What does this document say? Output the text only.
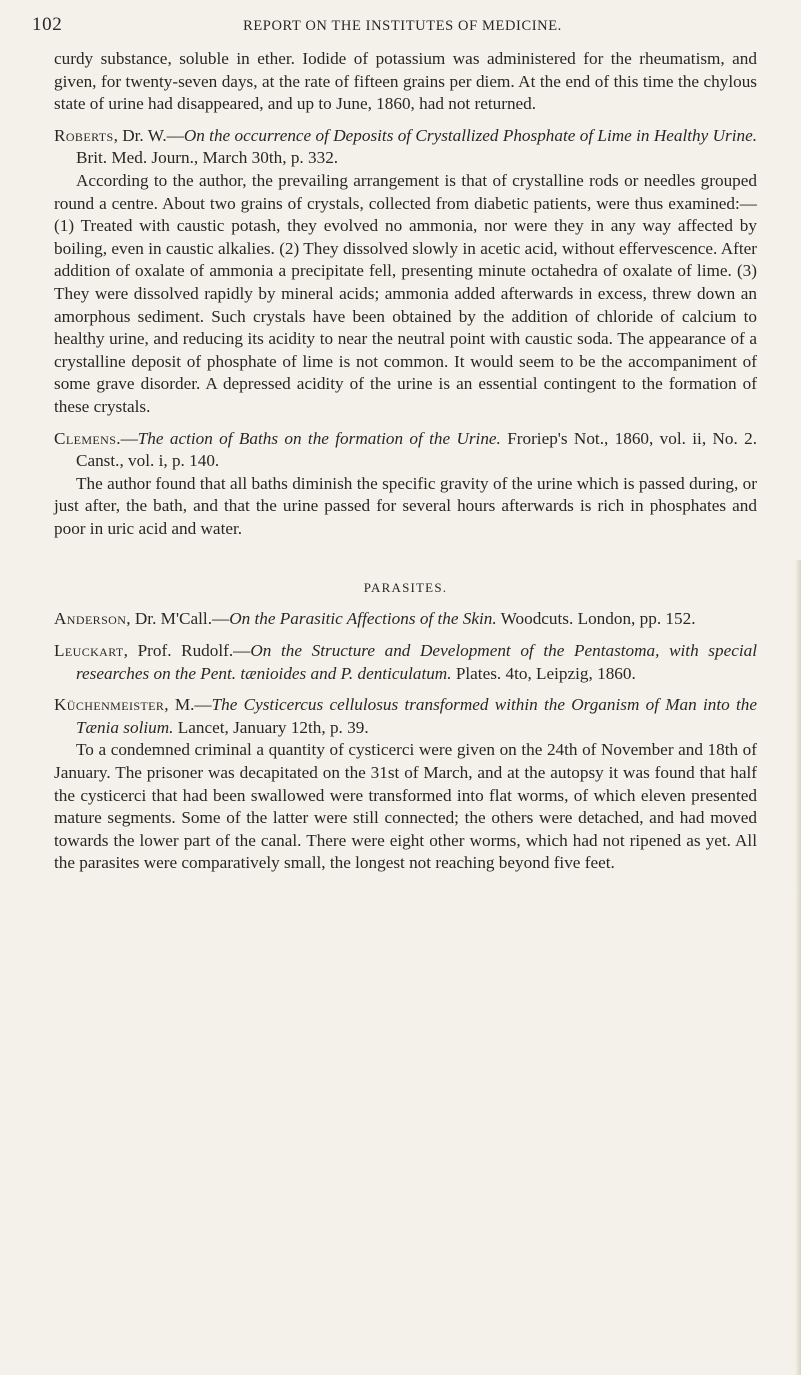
102	REPORT ON THE INSTITUTES OF MEDICINE.

curdy substance, soluble in ether. Iodide of potassium was administered for the rheumatism, and given, for twenty-seven days, at the rate of fifteen grains per diem. At the end of this time the chylous state of urine had disappeared, and up to June, 1860, had not returned.

Roberts, Dr. W.—On the occurrence of Deposits of Crystallized Phosphate of Lime in Healthy Urine. Brit. Med. Journ., March 30th, p. 332.

According to the author, the prevailing arrangement is that of crystalline rods or needles grouped round a centre. About two grains of crystals, collected from diabetic patients, were thus examined:—(1) Treated with caustic potash, they evolved no ammonia, nor were they in any way affected by boiling, even in caustic alkalies. (2) They dissolved slowly in acetic acid, without effervescence. After addition of oxalate of ammonia a precipitate fell, presenting minute octahedra of oxalate of lime. (3) They were dissolved rapidly by mineral acids; ammonia added afterwards in excess, threw down an amorphous sediment. Such crystals have been obtained by the addition of chloride of calcium to healthy urine, and reducing its acidity to near the neutral point with caustic soda. The appearance of a crystalline deposit of phosphate of lime is not common. It would seem to be the accompaniment of some grave disorder. A depressed acidity of the urine is an essential contingent to the formation of these crystals.

Clemens.—The action of Baths on the formation of the Urine. Froriep's Not., 1860, vol. ii, No. 2. Canst., vol. i, p. 140.

The author found that all baths diminish the specific gravity of the urine which is passed during, or just after, the bath, and that the urine passed for several hours afterwards is rich in phosphates and poor in uric acid and water.

PARASITES.

Anderson, Dr. M'Call.—On the Parasitic Affections of the Skin. Woodcuts. London, pp. 152.

Leuckart, Prof. Rudolf.—On the Structure and Development of the Pentastoma, with special researches on the Pent. tænioides and P. denticulatum. Plates. 4to, Leipzig, 1860.

Küchenmeister, M.—The Cysticercus cellulosus transformed within the Organism of Man into the Tænia solium. Lancet, January 12th, p. 39.

To a condemned criminal a quantity of cysticerci were given on the 24th of November and 18th of January. The prisoner was decapitated on the 31st of March, and at the autopsy it was found that half the cysticerci that had been swallowed were transformed into flat worms, of which eleven presented mature segments. Some of the latter were still connected; the others were detached, and had moved towards the lower part of the canal. There were eight other worms, which had not ripened as yet. All the parasites were comparatively small, the longest not reaching beyond five feet.
